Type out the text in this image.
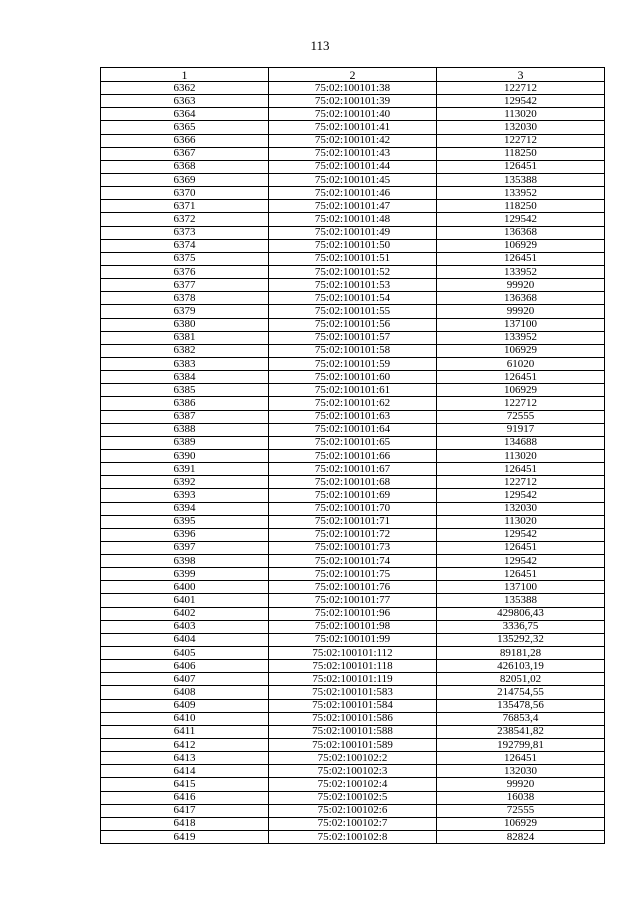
113
1	2	3
6362	75:02:100101:38	122712
6363	75:02:100101:39	129542
6364	75:02:100101:40	113020
6365	75:02:100101:41	132030
6366	75:02:100101:42	122712
6367	75:02:100101:43	118250
6368	75:02:100101:44	126451
6369	75:02:100101:45	135388
6370	75:02:100101:46	133952
6371	75:02:100101:47	118250
6372	75:02:100101:48	129542
6373	75:02:100101:49	136368
6374	75:02:100101:50	106929
6375	75:02:100101:51	126451
6376	75:02:100101:52	133952
6377	75:02:100101:53	99920
6378	75:02:100101:54	136368
6379	75:02:100101:55	99920
6380	75:02:100101:56	137100
6381	75:02:100101:57	133952
6382	75:02:100101:58	106929
6383	75:02:100101:59	61020
6384	75:02:100101:60	126451
6385	75:02:100101:61	106929
6386	75:02:100101:62	122712
6387	75:02:100101:63	72555
6388	75:02:100101:64	91917
6389	75:02:100101:65	134688
6390	75:02:100101:66	113020
6391	75:02:100101:67	126451
6392	75:02:100101:68	122712
6393	75:02:100101:69	129542
6394	75:02:100101:70	132030
6395	75:02:100101:71	113020
6396	75:02:100101:72	129542
6397	75:02:100101:73	126451
6398	75:02:100101:74	129542
6399	75:02:100101:75	126451
6400	75:02:100101:76	137100
6401	75:02:100101:77	135388
6402	75:02:100101:96	429806,43
6403	75:02:100101:98	3336,75
6404	75:02:100101:99	135292,32
6405	75:02:100101:112	89181,28
6406	75:02:100101:118	426103,19
6407	75:02:100101:119	82051,02
6408	75:02:100101:583	214754,55
6409	75:02:100101:584	135478,56
6410	75:02:100101:586	76853,4
6411	75:02:100101:588	238541,82
6412	75:02:100101:589	192799,81
6413	75:02:100102:2	126451
6414	75:02:100102:3	132030
6415	75:02:100102:4	99920
6416	75:02:100102:5	16038
6417	75:02:100102:6	72555
6418	75:02:100102:7	106929
6419	75:02:100102:8	82824
